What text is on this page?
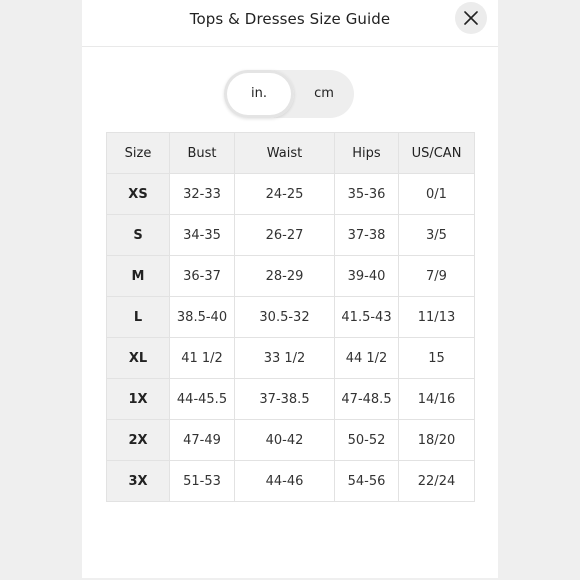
Tops & Dresses Size Guide
in.	cm
Size	Bust	Waist	Hips	US/CAN
XS	32-33	24-25	35-36	0/1
S	34-35	26-27	37-38	3/5
M	36-37	28-29	39-40	7/9
L	38.5-40	30.5-32	41.5-43	11/13
XL	41 1/2	33 1/2	44 1/2	15
1X	44-45.5	37-38.5	47-48.5	14/16
2X	47-49	40-42	50-52	18/20
3X	51-53	44-46	54-56	22/24
